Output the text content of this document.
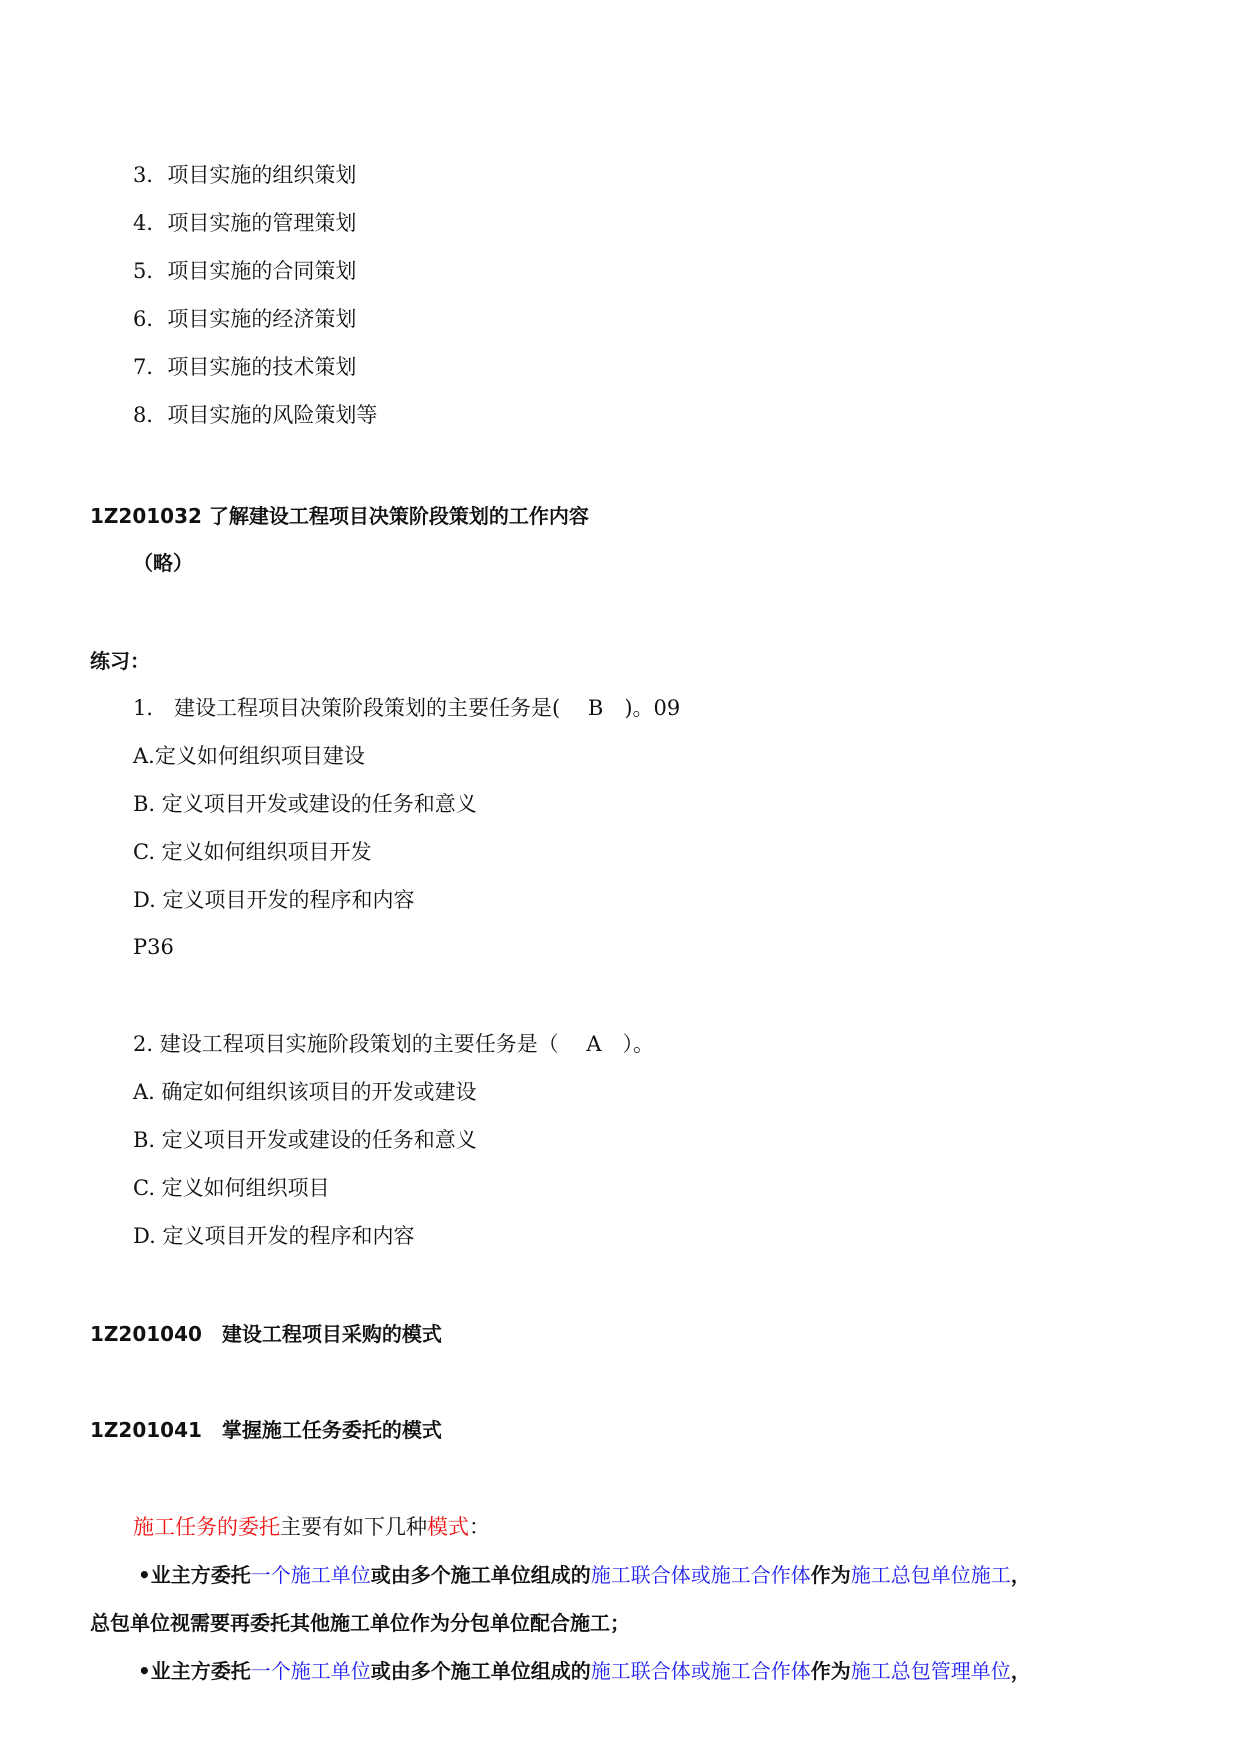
3．项目实施的组织策划
4．项目实施的管理策划
5．项目实施的合同策划
6．项目实施的经济策划
7．项目实施的技术策划
8．项目实施的风险策划等
1Z201032 了解建设工程项目决策阶段策划的工作内容
（略）
练习：
1． 建设工程项目决策阶段策划的主要任务是(　 B　)。09
A.定义如何组织项目建设
B. 定义项目开发或建设的任务和意义
C. 定义如何组织项目开发
D. 定义项目开发的程序和内容
P36
2. 建设工程项目实施阶段策划的主要任务是（　 A　）。
A. 确定如何组织该项目的开发或建设
B. 定义项目开发或建设的任务和意义
C. 定义如何组织项目
D. 定义项目开发的程序和内容
1Z201040　建设工程项目采购的模式
1Z201041　掌握施工任务委托的模式
施工任务的委托主要有如下几种模式：
•业主方委托一个施工单位或由多个施工单位组成的施工联合体或施工合作体作为施工总包单位施工，
总包单位视需要再委托其他施工单位作为分包单位配合施工；
•业主方委托一个施工单位或由多个施工单位组成的施工联合体或施工合作体作为施工总包管理单位，
